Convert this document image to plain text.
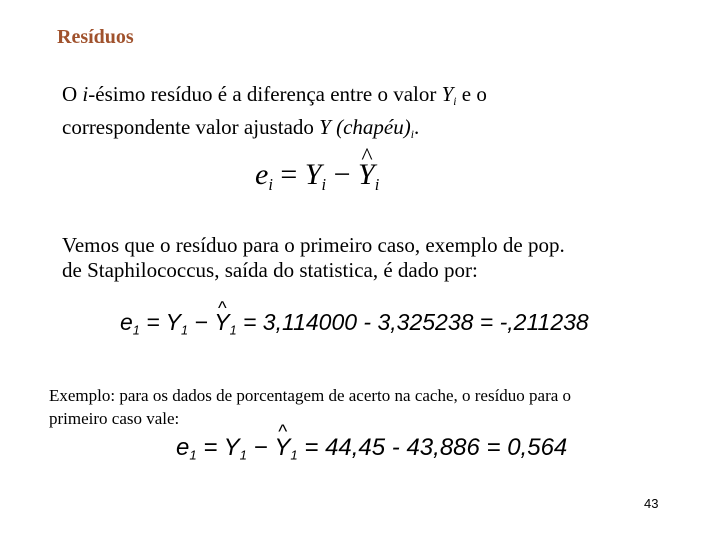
Resíduos
O i-ésimo resíduo é a diferença entre o valor $Y_i$ e o
correspondente valor ajustado Y $(chapéu)_i$.
$e_i = Y_i$ − ^ $Y_i$
Vemos que o resíduo para o primeiro caso, exemplo de pop.
de Staphilococcus, saída do statistica, é dado por:
$e_1 = Y_1$ − ^ $Y_1 = 3,114000 - 3,325238 = -,211238$
Exemplo: para os dados de porcentagem de acerto na cache, o resíduo para o
primeiro caso vale:
$e_1 = Y_1$ − ^ $Y_1 = 44,45 - 43,886 = 0,564$
43
